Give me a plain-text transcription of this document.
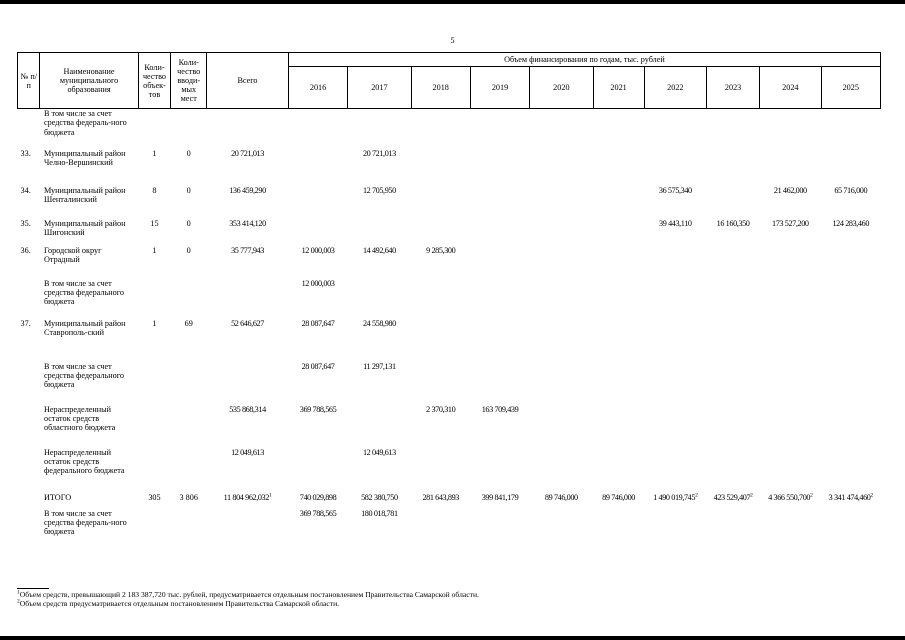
5
№ п/п	Наименование муниципального образования	Коли-чество объек-тов	Коли-чество вводи-мых мест	Всего	Объем финансирования по годам, тыс. рублей									
					2016	2017	2018	2019	2020	2021	2022	2023	2024	2025
	В том числе за счет средства федераль-ного бюджета													
33.	Муниципальный район Челно-Вершинский	1	0	20 721,013		20 721,013								
34.	Муниципальный район Шенталинский	8	0	136 459,290		12 705,950					36 575,340		21 462,000	65 716,000
35.	Муниципальный район Шигонский	15	0	353 414,120							39 443,110	16 160,350	173 527,200	124 283,460
36.	Городской округ Отрадный	1	0	35 777,943	12 000,003	14 492,640	9 285,300							
	В том числе за счет средства федерального бюджета				12 000,003									
37.	Муниципальный район Ставрополь-ский	1	69	52 646,627	28 087,647	24 558,980								
	В том числе за счет средства федерального бюджета				28 087,647	11 297,131								
	Нераспределенный остаток средств областного бюджета			535 868,314	369 788,565		2 370,310	163 709,439						
	Нераспределенный остаток средств федерального бюджета			12 049,613		12 049,613								
	ИТОГО	305	3 806	11 804 962,032$^1$	740 029,898	582 380,750	281 643,893	399 841,179	89 746,000	89 746,000	1 490 019,745$^2$	423 529,407$^2$	4 366 550,700$^2$	3 341 474,460$^2$
	В том числе за счет средства федераль-ного бюджета				369 788,565	180 018,781								
$^1$Объем средств, превышающий 2 183 387,720 тыс. рублей, предусматривается отдельным постановлением Правительства Самарской области.
$^2$Объем средств предусматривается отдельным постановлением Правительства Самарской области.
